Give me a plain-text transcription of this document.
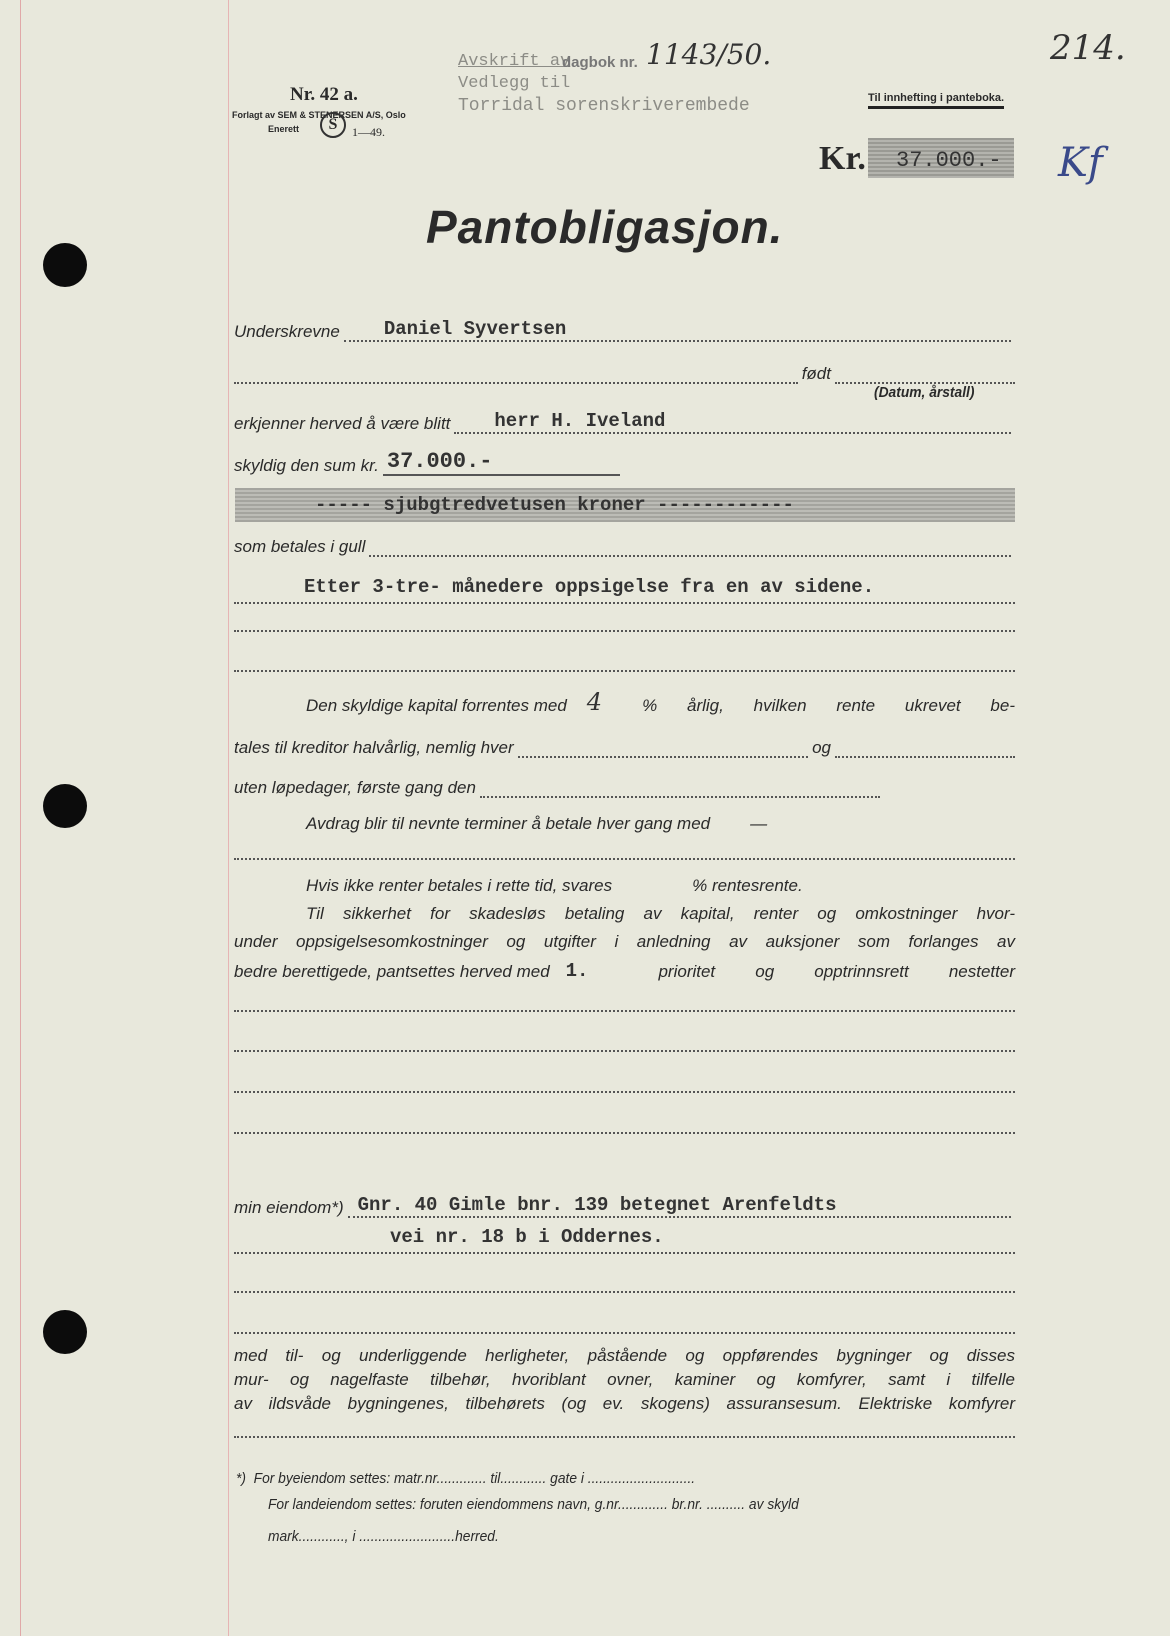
Avskrift av
dagbok nr. 1143/50.
Vedlegg til
Torridal sorenskriverembede
214.
Nr. 42 a.
Forlagt av SEM & STENERSEN A/S, Oslo
Enerett	S	1—49.
Til innhefting i panteboka.
Kr. 37.000.- Kf
Pantobligasjon.
Underskrevne Daniel Syvertsen
født
(Datum, årstall)
erkjenner herved å være blitt herr H. Iveland
skyldig den sum kr. 37.000.-
----- sjubgtredvetusen kroner ------------
som betales i gull
Etter 3-tre- månedere oppsigelse fra en av sidene.
Den skyldige kapital forrentes med 4 % årlig, hvilken rente ukrevet be-
tales til kreditor halvårlig, nemlig hver	og
uten løpedager, første gang den
Avdrag blir til nevnte terminer å betale hver gang med —
Hvis ikke renter betales i rette tid, svares	% rentesrente.
Til sikkerhet for skadesløs betaling av kapital, renter og omkostninger hvor-
under oppsigelsesomkostninger og utgifter i anledning av auksjoner som forlanges av
bedre berettigede, pantsettes herved med 1.	prioritet og opptrinnsrett nestetter
min eiendom*) Gnr. 40 Gimle bnr. 139 betegnet Arenfeldts
vei nr. 18 b i Oddernes.
med til- og underliggende herligheter, påstående og oppførendes bygninger og disses
mur- og nagelfaste tilbehør, hvoriblant ovner, kaminer og komfyrer, samt i tilfelle
av ildsvåde bygningenes, tilbehørets (og ev. skogens) assuransesum. Elektriske komfyrer
*)  For byeiendom settes: matr.nr............. til............ gate i ............................
For landeiendom settes: foruten eiendommens navn, g.nr............. br.nr. .......... av skyld
mark............, i .........................herred.
